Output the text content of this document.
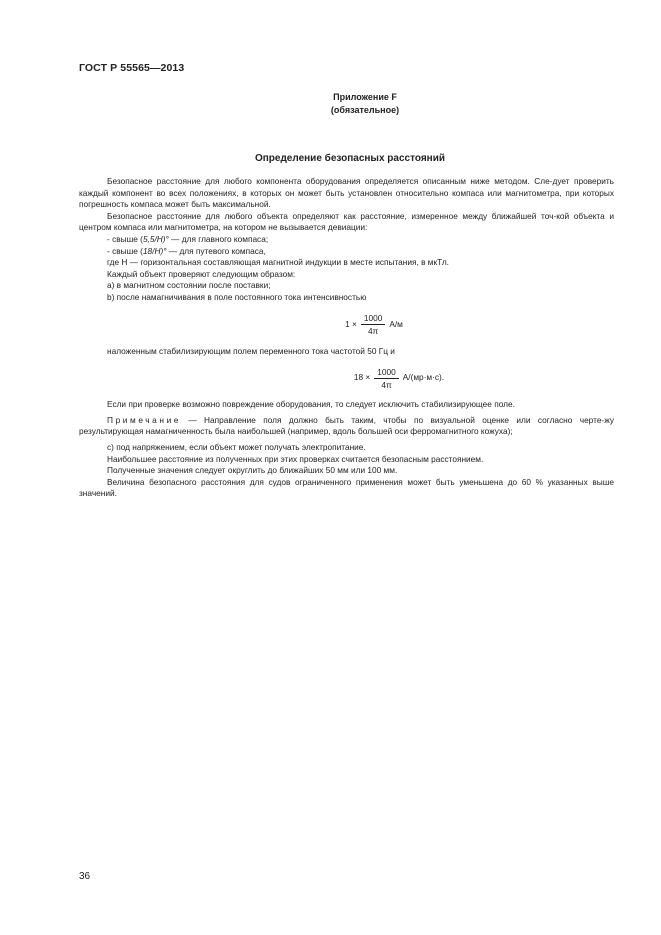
ГОСТ Р 55565—2013
Приложение F
(обязательное)
Определение безопасных расстояний

Безопасное расстояние для любого компонента оборудования определяется описанным ниже методом. Сле-дует проверить каждый компонент во всех положениях, в которых он может быть установлен относительно компаса или магнитометра, при которых погрешность компаса может быть максимальной.

Безопасное расстояние для любого объекта определяют как расстояние, измеренное между ближайшей точ-кой объекта и центром компаса или магнитометра, на котором не вызывается девиации:

- свыше (5,5/H)° — для главного компаса;

- свыше (18/H)° — для путевого компаса,

где Н — горизонтальная составляющая магнитной индукции в месте испытания, в мкТл.

Каждый объект проверяют следующим образом:

а) в магнитном состоянии после поставки;

b) после намагничивания в поле постоянного тока интенсивностью

$1 \times \frac{1000}{4\pi} А/м$

наложенным стабилизирующим полем переменного тока частотой 50 Гц и

$18 \times \frac{1000}{4\pi} А/(мр\cdot м\cdot с)$.

Если при проверке возможно повреждение оборудования, то следует исключить стабилизирующее поле.

Примечание — Направление поля должно быть таким, чтобы по визуальной оценке или согласно черте-жу результирующая намагниченность была наибольшей (например, вдоль большей оси ферромагнитного кожуха);

с) под напряжением, если объект может получать электропитание.

Наибольшее расстояние из полученных при этих проверках считается безопасным расстоянием.

Полученные значения следует округлить до ближайших 50 мм или 100 мм.

Величина безопасного расстояния для судов ограниченного применения может быть уменьшена до 60 % указанных выше значений.

36
